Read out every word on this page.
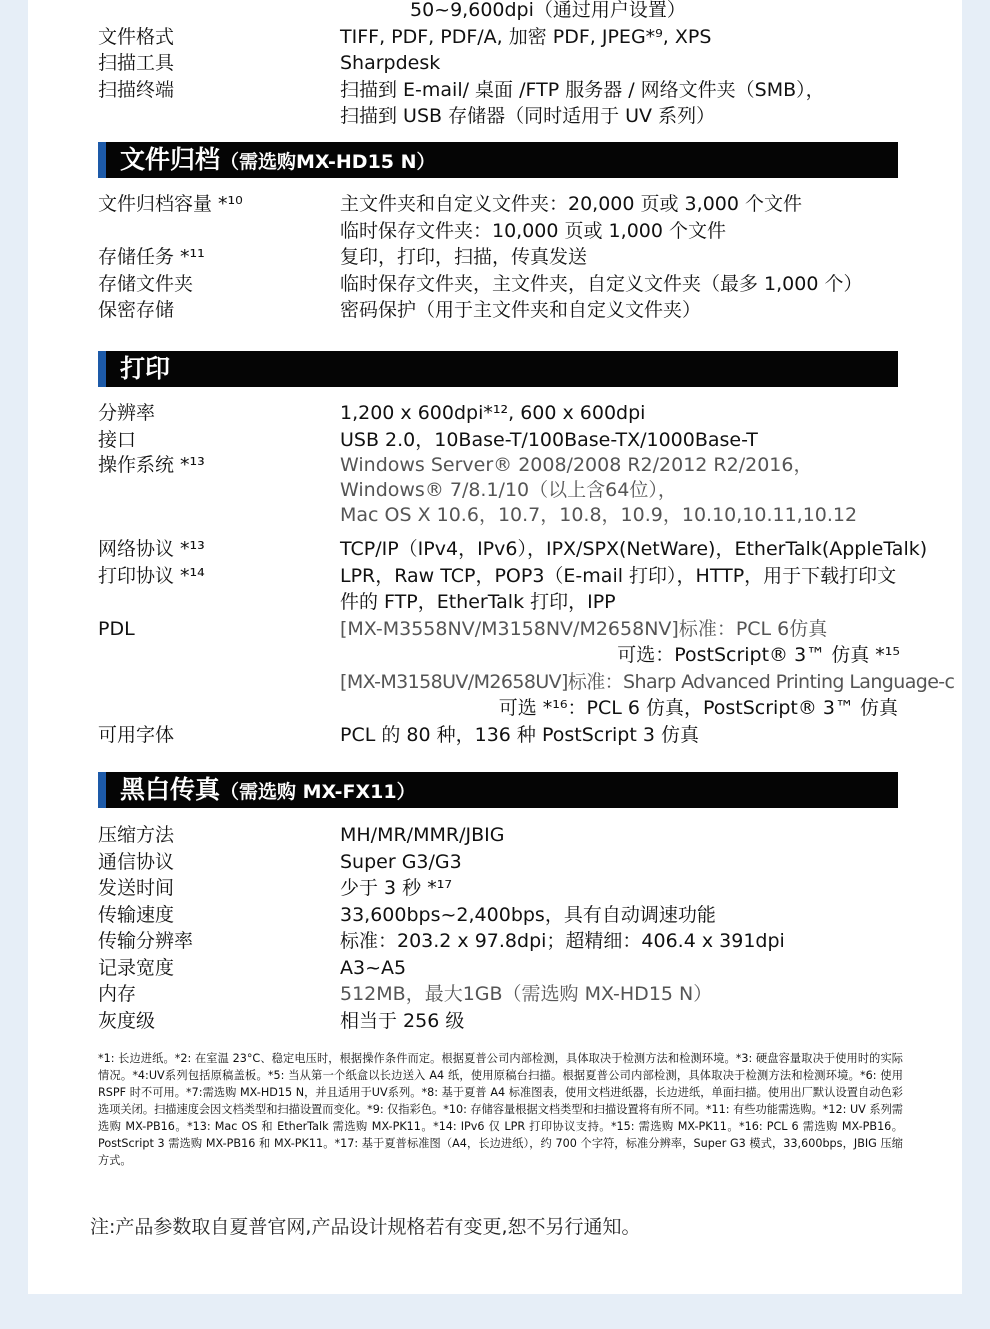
50~9,600dpi（通过用户设置）
文件格式	TIFF, PDF, PDF/A, 加密 PDF, JPEG*⁹, XPS
扫描工具	Sharpdesk
扫描终端	扫描到 E-mail/ 桌面 /FTP 服务器 / 网络文件夹（SMB），
扫描到 USB 存储器（同时适用于 UV 系列）
文件归档（需选购MX-HD15 N）
文件归档容量 *¹⁰	主文件夹和自定义文件夹：20,000 页或 3,000 个文件
临时保存文件夹：10,000 页或 1,000 个文件
存储任务 *¹¹	复印，打印，扫描，传真发送
存储文件夹	临时保存文件夹，主文件夹，自定义文件夹（最多 1,000 个）
保密存储	密码保护（用于主文件夹和自定义文件夹）
打印
分辨率	1,200 x 600dpi*¹², 600 x 600dpi
接口	USB 2.0，10Base-T/100Base-TX/1000Base-T
操作系统 *¹³	Windows Server® 2008/2008 R2/2012 R2/2016，
Windows® 7/8.1/10（以上含64位），
Mac OS X 10.6，10.7，10.8，10.9，10.10,10.11,10.12
网络协议 *¹³	TCP/IP（IPv4，IPv6），IPX/SPX(NetWare)，EtherTalk(AppleTalk)
打印协议 *¹⁴	LPR，Raw TCP，POP3（E-mail 打印），HTTP，用于下载打印文
件的 FTP，EtherTalk 打印，IPP
PDL	[MX-M3558NV/M3158NV/M2658NV]标准：PCL 6仿真
可选：PostScript® 3™ 仿真 *¹⁵
[MX-M3158UV/M2658UV]标准：Sharp Advanced Printing Language-c
可选 *¹⁶：PCL 6 仿真，PostScript® 3™ 仿真
可用字体	PCL 的 80 种，136 种 PostScript 3 仿真
黑白传真（需选购 MX-FX11）
压缩方法	MH/MR/MMR/JBIG
通信协议	Super G3/G3
发送时间	少于 3 秒 *¹⁷
传输速度	33,600bps~2,400bps，具有自动调速功能
传输分辨率	标准：203.2 x 97.8dpi；超精细：406.4 x 391dpi
记录宽度	A3~A5
内存	512MB，最大1GB（需选购 MX-HD15 N）
灰度级	相当于 256 级
*1: 长边进纸。*2: 在室温 23°C、稳定电压时，根据操作条件而定。根据夏普公司内部检测，具体取决于检测方法和检测环境。*3: 硬盘容量取决于使用时的实际情况。*4:UV系列包括原稿盖板。*5: 当从第一个纸盒以长边送入 A4 纸，使用原稿台扫描。根据夏普公司内部检测，具体取决于检测方法和检测环境。*6: 使用 RSPF 时不可用。*7:需选购 MX-HD15 N，并且适用于UV系列。*8: 基于夏普 A4 标准图表，使用文档进纸器，长边进纸，单面扫描。使用出厂默认设置自动色彩选项关闭。扫描速度会因文档类型和扫描设置而变化。*9: 仅指彩色。*10: 存储容量根据文档类型和扫描设置将有所不同。*11: 有些功能需选购。*12: UV 系列需选购 MX-PB16。*13: Mac OS 和 EtherTalk 需选购 MX-PK11。*14: IPv6 仅 LPR 打印协议支持。*15: 需选购 MX-PK11。*16: PCL 6 需选购 MX-PB16。PostScript 3 需选购 MX-PB16 和 MX-PK11。*17: 基于夏普标准图（A4，长边进纸），约 700 个字符，标准分辨率，Super G3 模式，33,600bps，JBIG 压缩方式。
注:产品参数取自夏普官网,产品设计规格若有变更,恕不另行通知。
